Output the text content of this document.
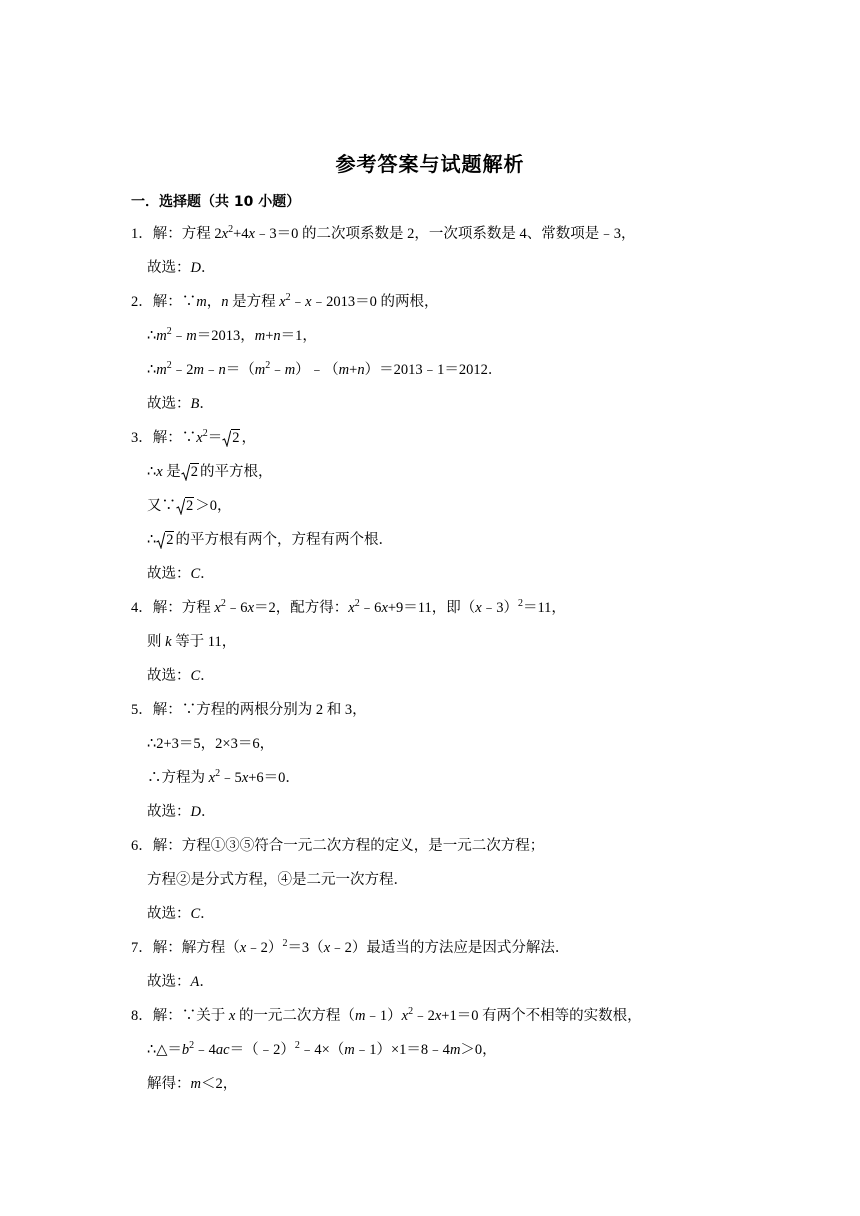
参考答案与试题解析
一．选择题（共 10 小题）
1．解：方程 $2x^2+4x﹣3=0$ 的二次项系数是 2，一次项系数是 4、常数项是﹣3，
故选：D．
2．解：∵m，n 是方程 $x^2﹣x﹣2013=0$ 的两根，
$\therefore m^2﹣m=2013$，m+n＝1，
$\therefore m^2﹣2m﹣n=(m^2﹣m)﹣(m+n)=2013﹣1=2012$．
故选：B．
3．解：$\because x^2= 2$ ，
∴x 是 2 的平方根，
又∵ 2 ＞0，
∴ 2 的平方根有两个，方程有两个根．
故选：C．
4．解：方程 $x^2﹣6x=2$，配方得：$x^2﹣6x+9=11$，即（x﹣3）$^2$＝11，
则 k 等于 11，
故选：C．
5．解：∵方程的两根分别为 2 和 3，
∴2+3＝5，2×3＝6，
∴方程为 $x^2﹣5x+6=0$．
故选：D．
6．解：方程①③⑤符合一元二次方程的定义，是一元二次方程；
方程②是分式方程，④是二元一次方程．
故选：C．
7．解：解方程（x﹣2）$^2$＝3（x﹣2）最适当的方法应是因式分解法．
故选：A．
8．解：∵关于 x 的一元二次方程$(m﹣1)x^2﹣2x+1=0$ 有两个不相等的实数根，
$\therefore\triangle=b^2﹣4ac=(﹣2)^2﹣4\times(m﹣1)\times 1=8﹣4m>0$，
解得：m＜2，
